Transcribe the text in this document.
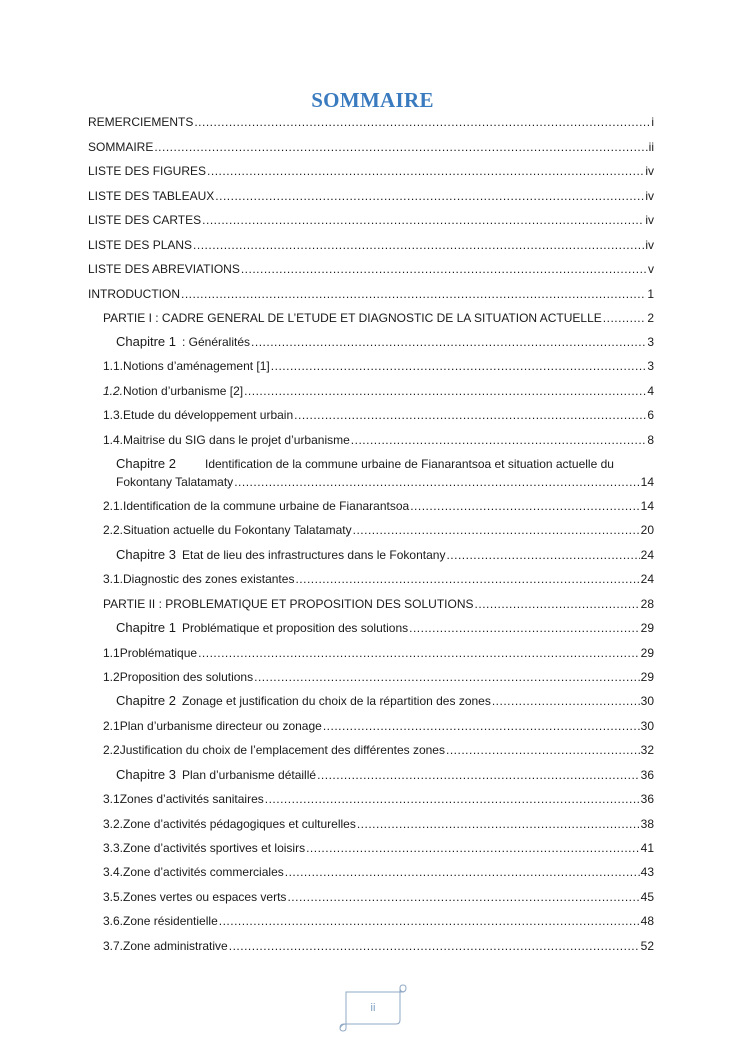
SOMMAIRE
REMERCIEMENTS .....	i
SOMMAIRE .....	ii
LISTE DES FIGURES .....	iv
LISTE DES TABLEAUX .....	iv
LISTE DES CARTES .....	iv
LISTE DES PLANS .....	iv
LISTE DES ABREVIATIONS .....	v
INTRODUCTION .....	1
PARTIE I : CADRE GENERAL DE L’ETUDE ET DIAGNOSTIC DE LA SITUATION ACTUELLE .....	2
Chapitre 1 : Généralités .....	3
1.1. Notions d’aménagement [1] .....	3
1.2. Notion d’urbanisme [2] .....	4
1.3. Etude du développement urbain .....	6
1.4. Maitrise du SIG dans le projet d’urbanisme .....	8
Chapitre 2	Identification de la commune urbaine de Fianarantsoa et situation actuelle du
Fokontany Talatamaty .....	14
2.1. Identification de la commune urbaine de Fianarantsoa .....	14
2.2. Situation actuelle du Fokontany Talatamaty .....	20
Chapitre 3 Etat de lieu des infrastructures dans le Fokontany .....	24
3.1. Diagnostic des zones existantes .....	24
PARTIE II : PROBLEMATIQUE ET PROPOSITION DES SOLUTIONS .....	28
Chapitre 1 Problématique et proposition des solutions .....	29
1.1 Problématique .....	29
1.2 Proposition des solutions .....	29
Chapitre 2 Zonage et justification du choix de la répartition des zones .....	30
2.1 Plan d’urbanisme directeur ou zonage .....	30
2.2 Justification du choix de l’emplacement des différentes zones .....	32
Chapitre 3 Plan d’urbanisme détaillé .....	36
3.1 Zones d’activités sanitaires .....	36
3.2. Zone d’activités pédagogiques et culturelles .....	38
3.3. Zone d’activités sportives et loisirs .....	41
3.4. Zone d’activités commerciales .....	43
3.5. Zones vertes ou espaces verts .....	45
3.6. Zone résidentielle .....	48
3.7. Zone administrative .....	52
ii
